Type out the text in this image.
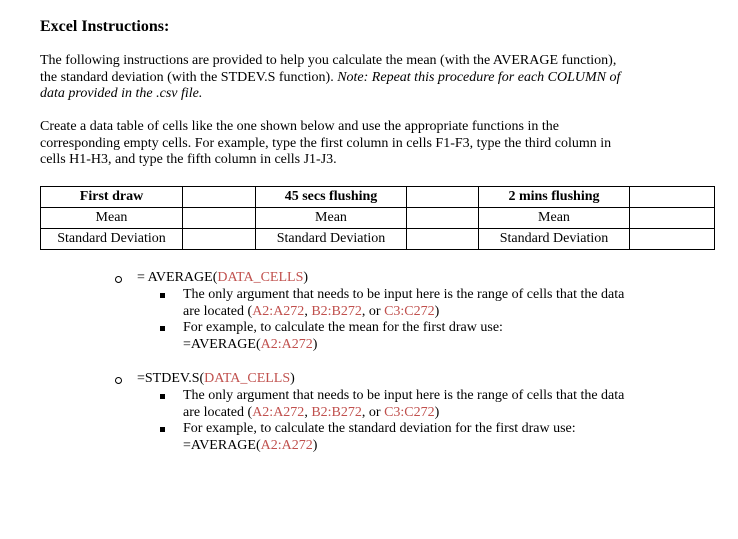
Excel Instructions:

The following instructions are provided to help you calculate the mean (with the AVERAGE function),
the standard deviation (with the STDEV.S function). Note: Repeat this procedure for each COLUMN of
data provided in the .csv file.

Create a data table of cells like the one shown below and use the appropriate functions in the
corresponding empty cells. For example, type the first column in cells F1-F3, type the third column in
cells H1-H3, and type the fifth column in cells J1-J3.

First draw		45 secs flushing		2 mins flushing	
Mean		Mean		Mean	
Standard Deviation		Standard Deviation		Standard Deviation	
= AVERAGE(DATA_CELLS)
The only argument that needs to be input here is the range of cells that the data
are located (A2:A272, B2:B272, or C3:C272)
For example, to calculate the mean for the first draw use:
=AVERAGE(A2:A272)
=STDEV.S(DATA_CELLS)
The only argument that needs to be input here is the range of cells that the data
are located (A2:A272, B2:B272, or C3:C272)
For example, to calculate the standard deviation for the first draw use:
=AVERAGE(A2:A272)
